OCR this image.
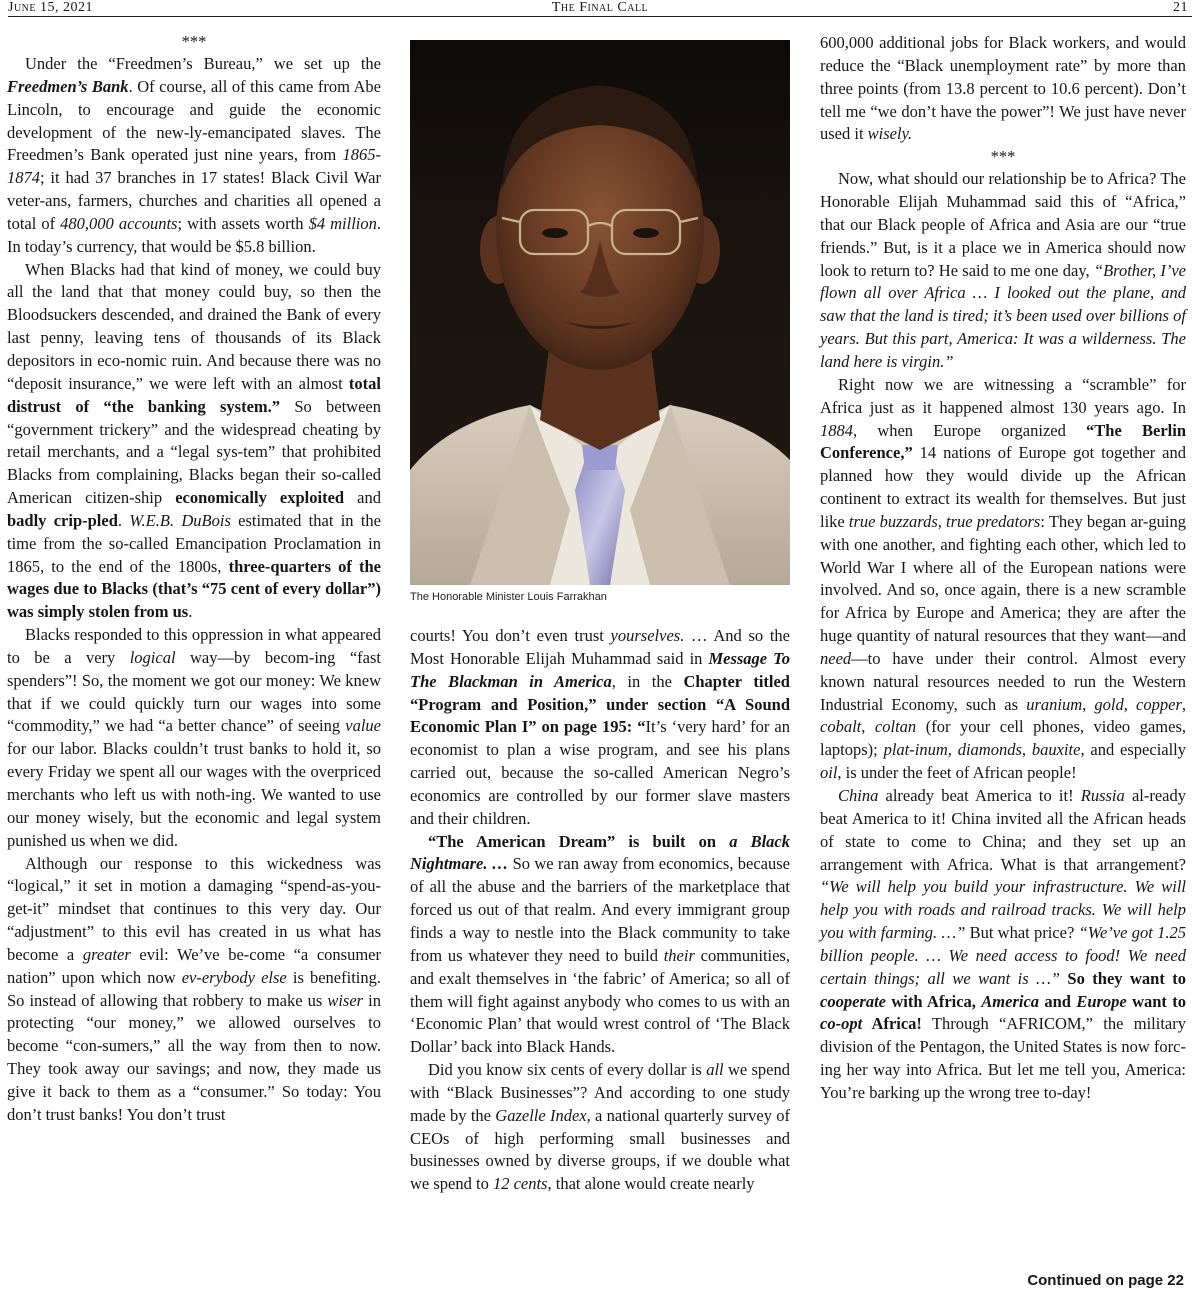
June 15, 2021	The Final Call	21

***

Under the “Freedmen’s Bureau,” we set up the Freedmen’s Bank. Of course, all of this came from Abe Lincoln, to encourage and guide the economic development of the new-ly-emancipated slaves. The Freedmen’s Bank operated just nine years, from 1865-1874; it had 37 branches in 17 states! Black Civil War veter-ans, farmers, churches and charities all opened a total of 480,000 accounts; with assets worth $4 million. In today’s currency, that would be $5.8 billion.

When Blacks had that kind of money, we could buy all the land that that money could buy, so then the Bloodsuckers descended, and drained the Bank of every last penny, leaving tens of thousands of its Black depositors in eco-nomic ruin. And because there was no “deposit insurance,” we were left with an almost total distrust of “the banking system.” So between “government trickery” and the widespread cheating by retail merchants, and a “legal sys-tem” that prohibited Blacks from complaining, Blacks began their so-called American citizen-ship economically exploited and badly crip-pled. W.E.B. DuBois estimated that in the time from the so-called Emancipation Proclamation in 1865, to the end of the 1800s, three-quarters of the wages due to Blacks (that’s “75 cent of every dollar”) was simply stolen from us.

Blacks responded to this oppression in what appeared to be a very logical way—by becom-ing “fast spenders”! So, the moment we got our money: We knew that if we could quickly turn our wages into some “commodity,” we had “a better chance” of seeing value for our labor. Blacks couldn’t trust banks to hold it, so every Friday we spent all our wages with the overpriced merchants who left us with noth-ing. We wanted to use our money wisely, but the economic and legal system punished us when we did.

Although our response to this wickedness was “logical,” it set in motion a damaging “spend-as-you-get-it” mindset that continues to this very day. Our “adjustment” to this evil has created in us what has become a greater evil: We’ve be-come “a consumer nation” upon which now ev-erybody else is benefiting. So instead of allowing that robbery to make us wiser in protecting “our money,” we allowed ourselves to become “con-sumers,” all the way from then to now. They took away our savings; and now, they made us give it back to them as a “consumer.” So today: You don’t trust banks! You don’t trust

The Honorable Minister Louis Farrakhan

courts! You don’t even trust yourselves. … And so the Most Honorable Elijah Muhammad said in Message To The Blackman in America, in the Chapter titled “Program and Position,” under section “A Sound Economic Plan I” on page 195: “It’s ‘very hard’ for an economist to plan a wise program, and see his plans carried out, because the so-called American Negro’s economics are controlled by our former slave masters and their children.

“The American Dream” is built on a Black Nightmare. … So we ran away from economics, because of all the abuse and the barriers of the marketplace that forced us out of that realm. And every immigrant group finds a way to nestle into the Black community to take from us whatever they need to build their communities, and exalt themselves in ‘the fabric’ of America; so all of them will fight against anybody who comes to us with an ‘Economic Plan’ that would wrest control of ‘The Black Dollar’ back into Black Hands.

Did you know six cents of every dollar is all we spend with “Black Businesses”? And according to one study made by the Gazelle Index, a national quarterly survey of CEOs of high performing small businesses and businesses owned by diverse groups, if we double what we spend to 12 cents, that alone would create nearly

600,000 additional jobs for Black workers, and would reduce the “Black unemployment rate” by more than three points (from 13.8 percent to 10.6 percent). Don’t tell me “we don’t have the power”! We just have never used it wisely.

***

Now, what should our relationship be to Africa? The Honorable Elijah Muhammad said this of “Africa,” that our Black people of Africa and Asia are our “true friends.” But, is it a place we in America should now look to return to? He said to me one day, “Brother, I’ve flown all over Africa … I looked out the plane, and saw that the land is tired; it’s been used over billions of years. But this part, America: It was a wilderness. The land here is virgin.”

Right now we are witnessing a “scramble” for Africa just as it happened almost 130 years ago. In 1884, when Europe organized “The Berlin Conference,” 14 nations of Europe got together and planned how they would divide up the African continent to extract its wealth for themselves. But just like true buzzards, true predators: They began ar-guing with one another, and fighting each other, which led to World War I where all of the European nations were involved. And so, once again, there is a new scramble for Africa by Europe and America; they are after the huge quantity of natural resources that they want—and need—to have under their control. Almost every known natural resources needed to run the Western Industrial Economy, such as uranium, gold, copper, cobalt, coltan (for your cell phones, video games, laptops); plat-inum, diamonds, bauxite, and especially oil, is under the feet of African people!

China already beat America to it! Russia al-ready beat America to it! China invited all the African heads of state to come to China; and they set up an arrangement with Africa. What is that arrangement? “We will help you build your infrastructure. We will help you with roads and railroad tracks. We will help you with farming. …” But what price? “We’ve got 1.25 billion people. … We need access to food! We need certain things; all we want is …” So they want to cooperate with Africa, America and Europe want to co-opt Africa! Through “AFRICOM,” the military division of the Pentagon, the United States is now forc-ing her way into Africa. But let me tell you, America: You’re barking up the wrong tree to-day!

Continued on page 22
